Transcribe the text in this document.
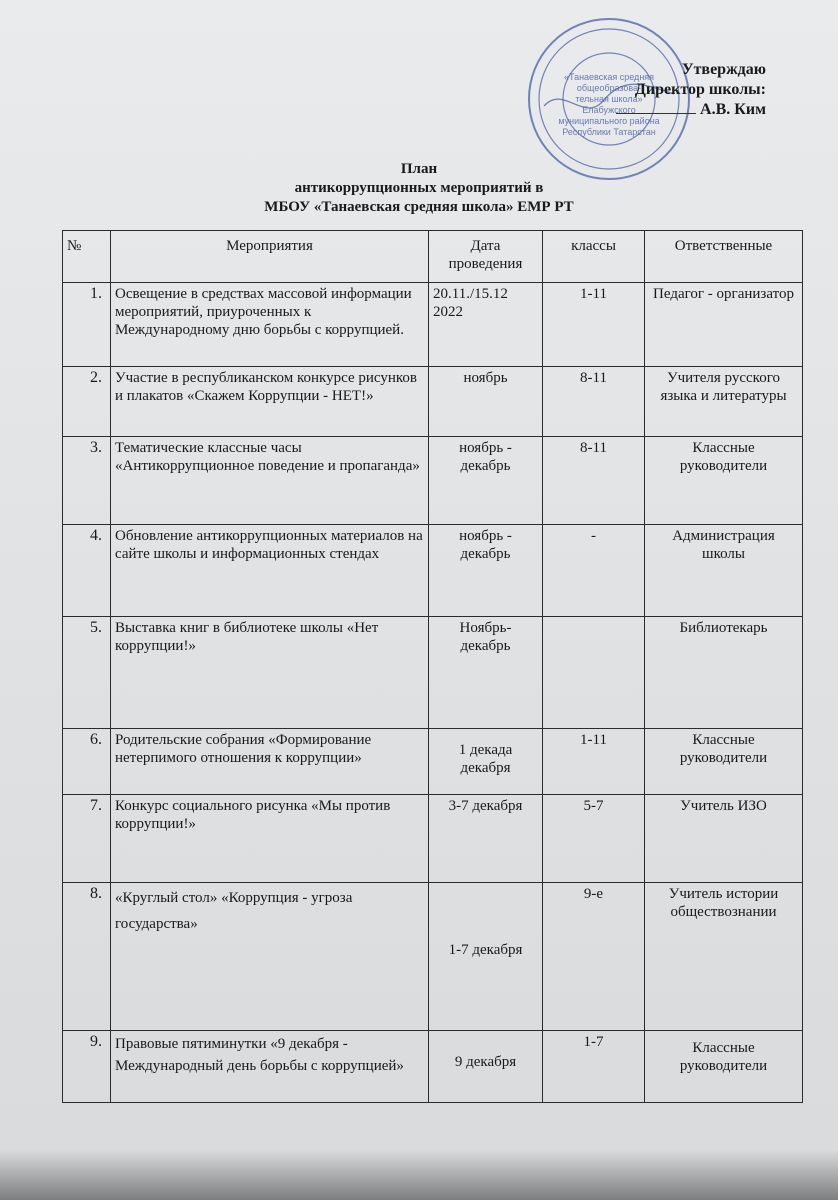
«Танаевская средняя
общеобразова-
тельная школа»
Елабужского
муниципального района
Республики Татарстан
Утверждаю
Директор школы:
А.В. Ким
План
антикоррупционных мероприятий в
МБОУ «Танаевская средняя школа» ЕМР РТ
№	Мероприятия	Дата проведения	классы	Ответственные
1.	Освещение в средствах массовой информации мероприятий, приуроченных к Международному дню борьбы с коррупцией.	20.11./15.12 2022	1-11	Педагог - организатор
2.	Участие в республиканском конкурсе рисунков и плакатов «Скажем Коррупции - НЕТ!»	ноябрь	8-11	Учителя русского языка и литературы
3.	Тематические классные часы «Антикоррупционное поведение и пропаганда»	ноябрь - декабрь	8-11	Классные руководители
4.	Обновление антикоррупционных материалов на сайте школы и информационных стендах	ноябрь - декабрь	-	Администрация школы
5.	Выставка книг в библиотеке школы «Нет коррупции!»	Ноябрь- декабрь		Библиотекарь
6.	Родительские собрания «Формирование нетерпимого отношения к коррупции»	1 декада декабря	1-11	Классные руководители
7.	Конкурс социального рисунка «Мы против коррупции!»	3-7 декабря	5-7	Учитель ИЗО
8.	«Круглый стол» «Коррупция - угроза государства»	1-7 декабря	9-е	Учитель истории обществознании
9.	Правовые пятиминутки «9 декабря - Международный день борьбы с коррупцией»	9 декабря	1-7	Классные руководители
